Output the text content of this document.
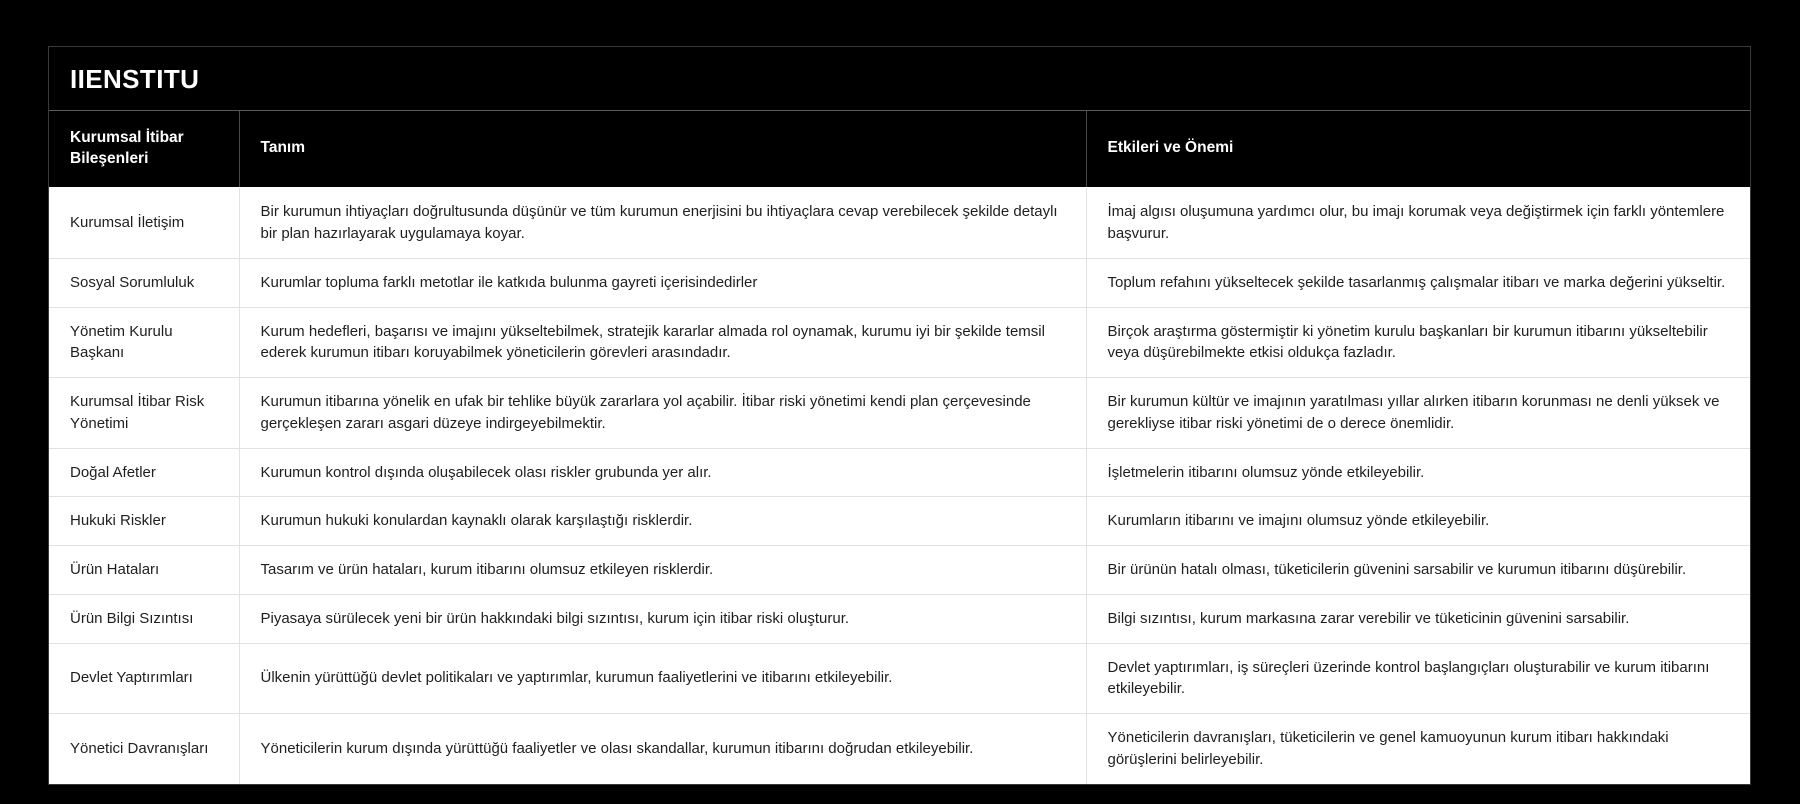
IIENSTITU
Kurumsal İtibar Bileşenleri	Tanım	Etkileri ve Önemi
Kurumsal İletişim	Bir kurumun ihtiyaçları doğrultusunda düşünür ve tüm kurumun enerjisini bu ihtiyaçlara cevap verebilecek şekilde detaylı bir plan hazırlayarak uygulamaya koyar.	İmaj algısı oluşumuna yardımcı olur, bu imajı korumak veya değiştirmek için farklı yöntemlere başvurur.
Sosyal Sorumluluk	Kurumlar topluma farklı metotlar ile katkıda bulunma gayreti içerisindedirler	Toplum refahını yükseltecek şekilde tasarlanmış çalışmalar itibarı ve marka değerini yükseltir.
Yönetim Kurulu Başkanı	Kurum hedefleri, başarısı ve imajını yükseltebilmek, stratejik kararlar almada rol oynamak, kurumu iyi bir şekilde temsil ederek kurumun itibarı koruyabilmek yöneticilerin görevleri arasındadır.	Birçok araştırma göstermiştir ki yönetim kurulu başkanları bir kurumun itibarını yükseltebilir veya düşürebilmekte etkisi oldukça fazladır.
Kurumsal İtibar Risk Yönetimi	Kurumun itibarına yönelik en ufak bir tehlike büyük zararlara yol açabilir. İtibar riski yönetimi kendi plan çerçevesinde gerçekleşen zararı asgari düzeye indirgeyebilmektir.	Bir kurumun kültür ve imajının yaratılması yıllar alırken itibarın korunması ne denli yüksek ve gerekliyse itibar riski yönetimi de o derece önemlidir.
Doğal Afetler	Kurumun kontrol dışında oluşabilecek olası riskler grubunda yer alır.	İşletmelerin itibarını olumsuz yönde etkileyebilir.
Hukuki Riskler	Kurumun hukuki konulardan kaynaklı olarak karşılaştığı risklerdir.	Kurumların itibarını ve imajını olumsuz yönde etkileyebilir.
Ürün Hataları	Tasarım ve ürün hataları, kurum itibarını olumsuz etkileyen risklerdir.	Bir ürünün hatalı olması, tüketicilerin güvenini sarsabilir ve kurumun itibarını düşürebilir.
Ürün Bilgi Sızıntısı	Piyasaya sürülecek yeni bir ürün hakkındaki bilgi sızıntısı, kurum için itibar riski oluşturur.	Bilgi sızıntısı, kurum markasına zarar verebilir ve tüketicinin güvenini sarsabilir.
Devlet Yaptırımları	Ülkenin yürüttüğü devlet politikaları ve yaptırımlar, kurumun faaliyetlerini ve itibarını etkileyebilir.	Devlet yaptırımları, iş süreçleri üzerinde kontrol başlangıçları oluşturabilir ve kurum itibarını etkileyebilir.
Yönetici Davranışları	Yöneticilerin kurum dışında yürüttüğü faaliyetler ve olası skandallar, kurumun itibarını doğrudan etkileyebilir.	Yöneticilerin davranışları, tüketicilerin ve genel kamuoyunun kurum itibarı hakkındaki görüşlerini belirleyebilir.
